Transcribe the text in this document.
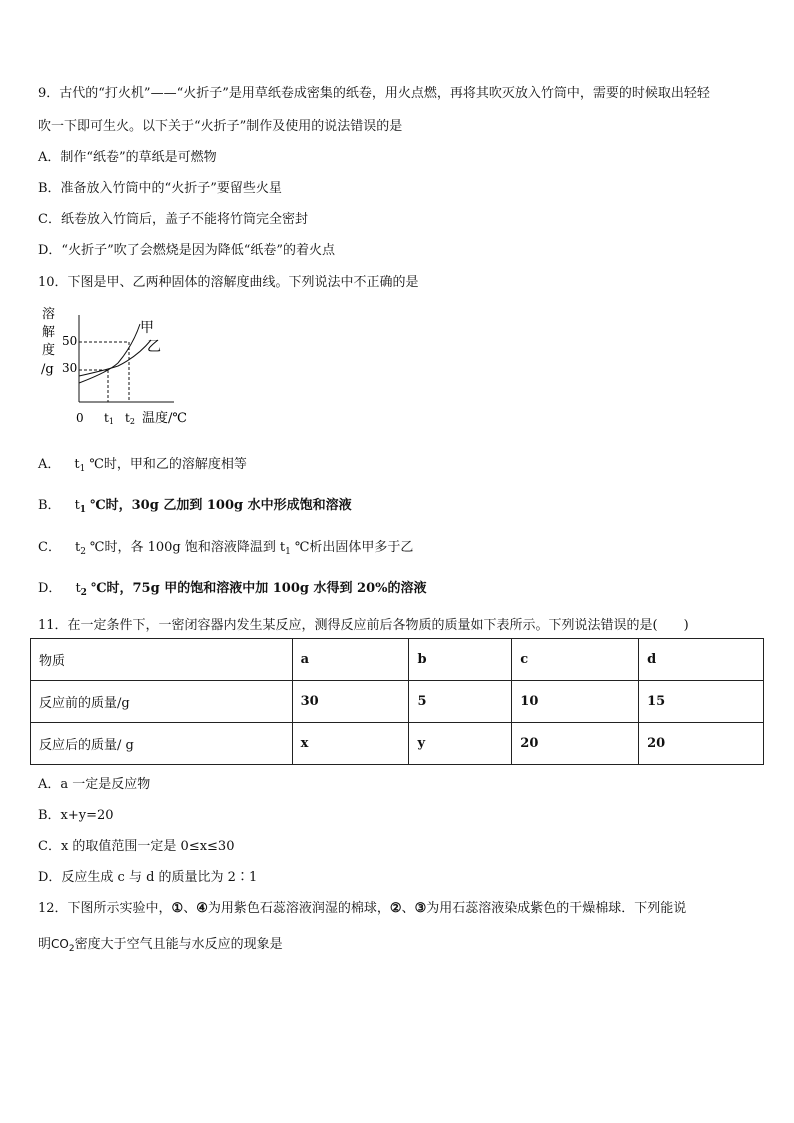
9．古代的“打火机”——“火折子”是用草纸卷成密集的纸卷，用火点燃，再将其吹灭放入竹筒中，需要的时候取出轻轻
吹一下即可生火。以下关于“火折子”制作及使用的说法错误的是
A．制作“纸卷”的草纸是可燃物
B．准备放入竹筒中的“火折子”要留些火星
C．纸卷放入竹筒后，盖子不能将竹筒完全密封
D．“火折子”吹了会燃烧是因为降低“纸卷”的着火点
10．下图是甲、乙两种固体的溶解度曲线。下列说法中不正确的是
溶
解
度
/g
50
30
甲
乙
0 t1 t2 温度/℃
A． $t_1$ ℃时，甲和乙的溶解度相等
B． $t_1$ ℃时，30g 乙加到 100g 水中形成饱和溶液
C． $t_2$ ℃时，各 100g 饱和溶液降温到 $t_1$ ℃析出固体甲多于乙
D． $t_2$ ℃时，75g 甲的饱和溶液中加 100g 水得到 20%的溶液
11．在一定条件下，一密闭容器内发生某反应，测得反应前后各物质的质量如下表所示。下列说法错误的是(　　)
物质	a	b	c	d
反应前的质量/g	30	5	10	15
反应后的质量/ g	x	y	20	20
A．a 一定是反应物
B．x+y=20
C．x 的取值范围一定是 0≤x≤30
D．反应生成 c 与 d 的质量比为 2∶1
12．下图所示实验中，①、④为用紫色石蕊溶液润湿的棉球，②、③为用石蕊溶液染成紫色的干燥棉球．下列能说
明$CO_2$密度大于空气且能与水反应的现象是
